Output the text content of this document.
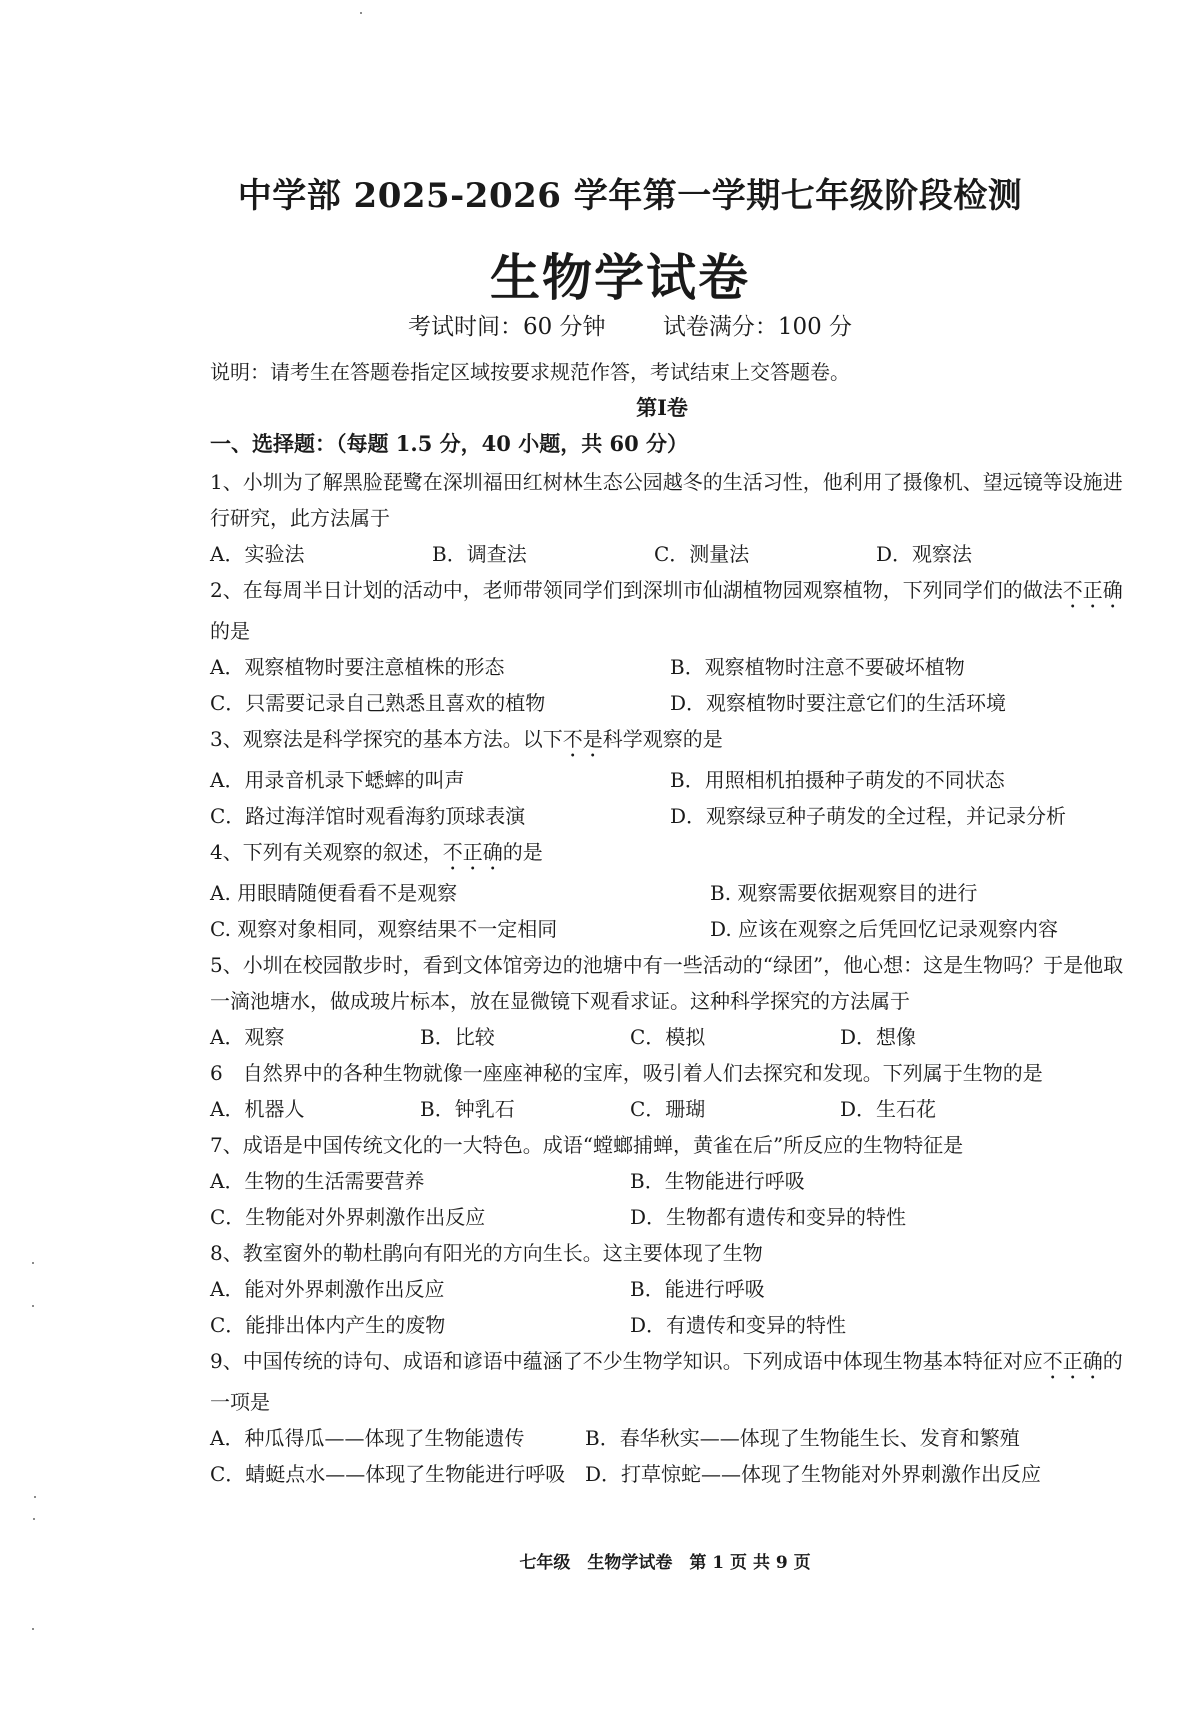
中学部 2025-2026 学年第一学期七年级阶段检测
生物学试卷
考试时间：60 分钟 试卷满分：100 分
说明：请考生在答题卷指定区域按要求规范作答，考试结束上交答题卷。
第Ⅰ卷
一、选择题：（每题 1.5 分，40 小题，共 60 分）

1、小圳为了解黑脸琵鹭在深圳福田红树林生态公园越冬的生活习性，他利用了摄像机、望远镜等设施进行研究，此方法属于

A．实验法	B．调查法	C．测量法	D．观察法

2、在每周半日计划的活动中，老师带领同学们到深圳市仙湖植物园观察植物，下列同学们的做法不正确的是

A．观察植物时要注意植株的形态	B．观察植物时注意不要破坏植物
C．只需要记录自己熟悉且喜欢的植物	D．观察植物时要注意它们的生活环境

3、观察法是科学探究的基本方法。以下不是科学观察的是

A．用录音机录下蟋蟀的叫声	B．用照相机拍摄种子萌发的不同状态
C．路过海洋馆时观看海豹顶球表演	D．观察绿豆种子萌发的全过程，并记录分析

4、下列有关观察的叙述，不正确的是

A. 用眼睛随便看看不是观察	B. 观察需要依据观察目的进行
C. 观察对象相同，观察结果不一定相同	D. 应该在观察之后凭回忆记录观察内容

5、小圳在校园散步时，看到文体馆旁边的池塘中有一些活动的“绿团”，他心想：这是生物吗？于是他取一滴池塘水，做成玻片标本，放在显微镜下观看求证。这种科学探究的方法属于

A．观察	B．比较	C．模拟	D．想像

6　自然界中的各种生物就像一座座神秘的宝库，吸引着人们去探究和发现。下列属于生物的是

A．机器人	B．钟乳石	C．珊瑚	D．生石花

7、成语是中国传统文化的一大特色。成语“螳螂捕蝉，黄雀在后”所反应的生物特征是

A．生物的生活需要营养	B．生物能进行呼吸
C．生物能对外界刺激作出反应	D．生物都有遗传和变异的特性

8、教室窗外的勒杜鹃向有阳光的方向生长。这主要体现了生物

A．能对外界刺激作出反应	B．能进行呼吸
C．能排出体内产生的废物	D．有遗传和变异的特性

9、中国传统的诗句、成语和谚语中蕴涵了不少生物学知识。下列成语中体现生物基本特征对应不正确的一项是

A．种瓜得瓜——体现了生物能遗传	B．春华秋实——体现了生物能生长、发育和繁殖
C．蜻蜓点水——体现了生物能进行呼吸 D．打草惊蛇——体现了生物能对外界刺激作出反应
七年级　生物学试卷　第 1 页 共 9 页
